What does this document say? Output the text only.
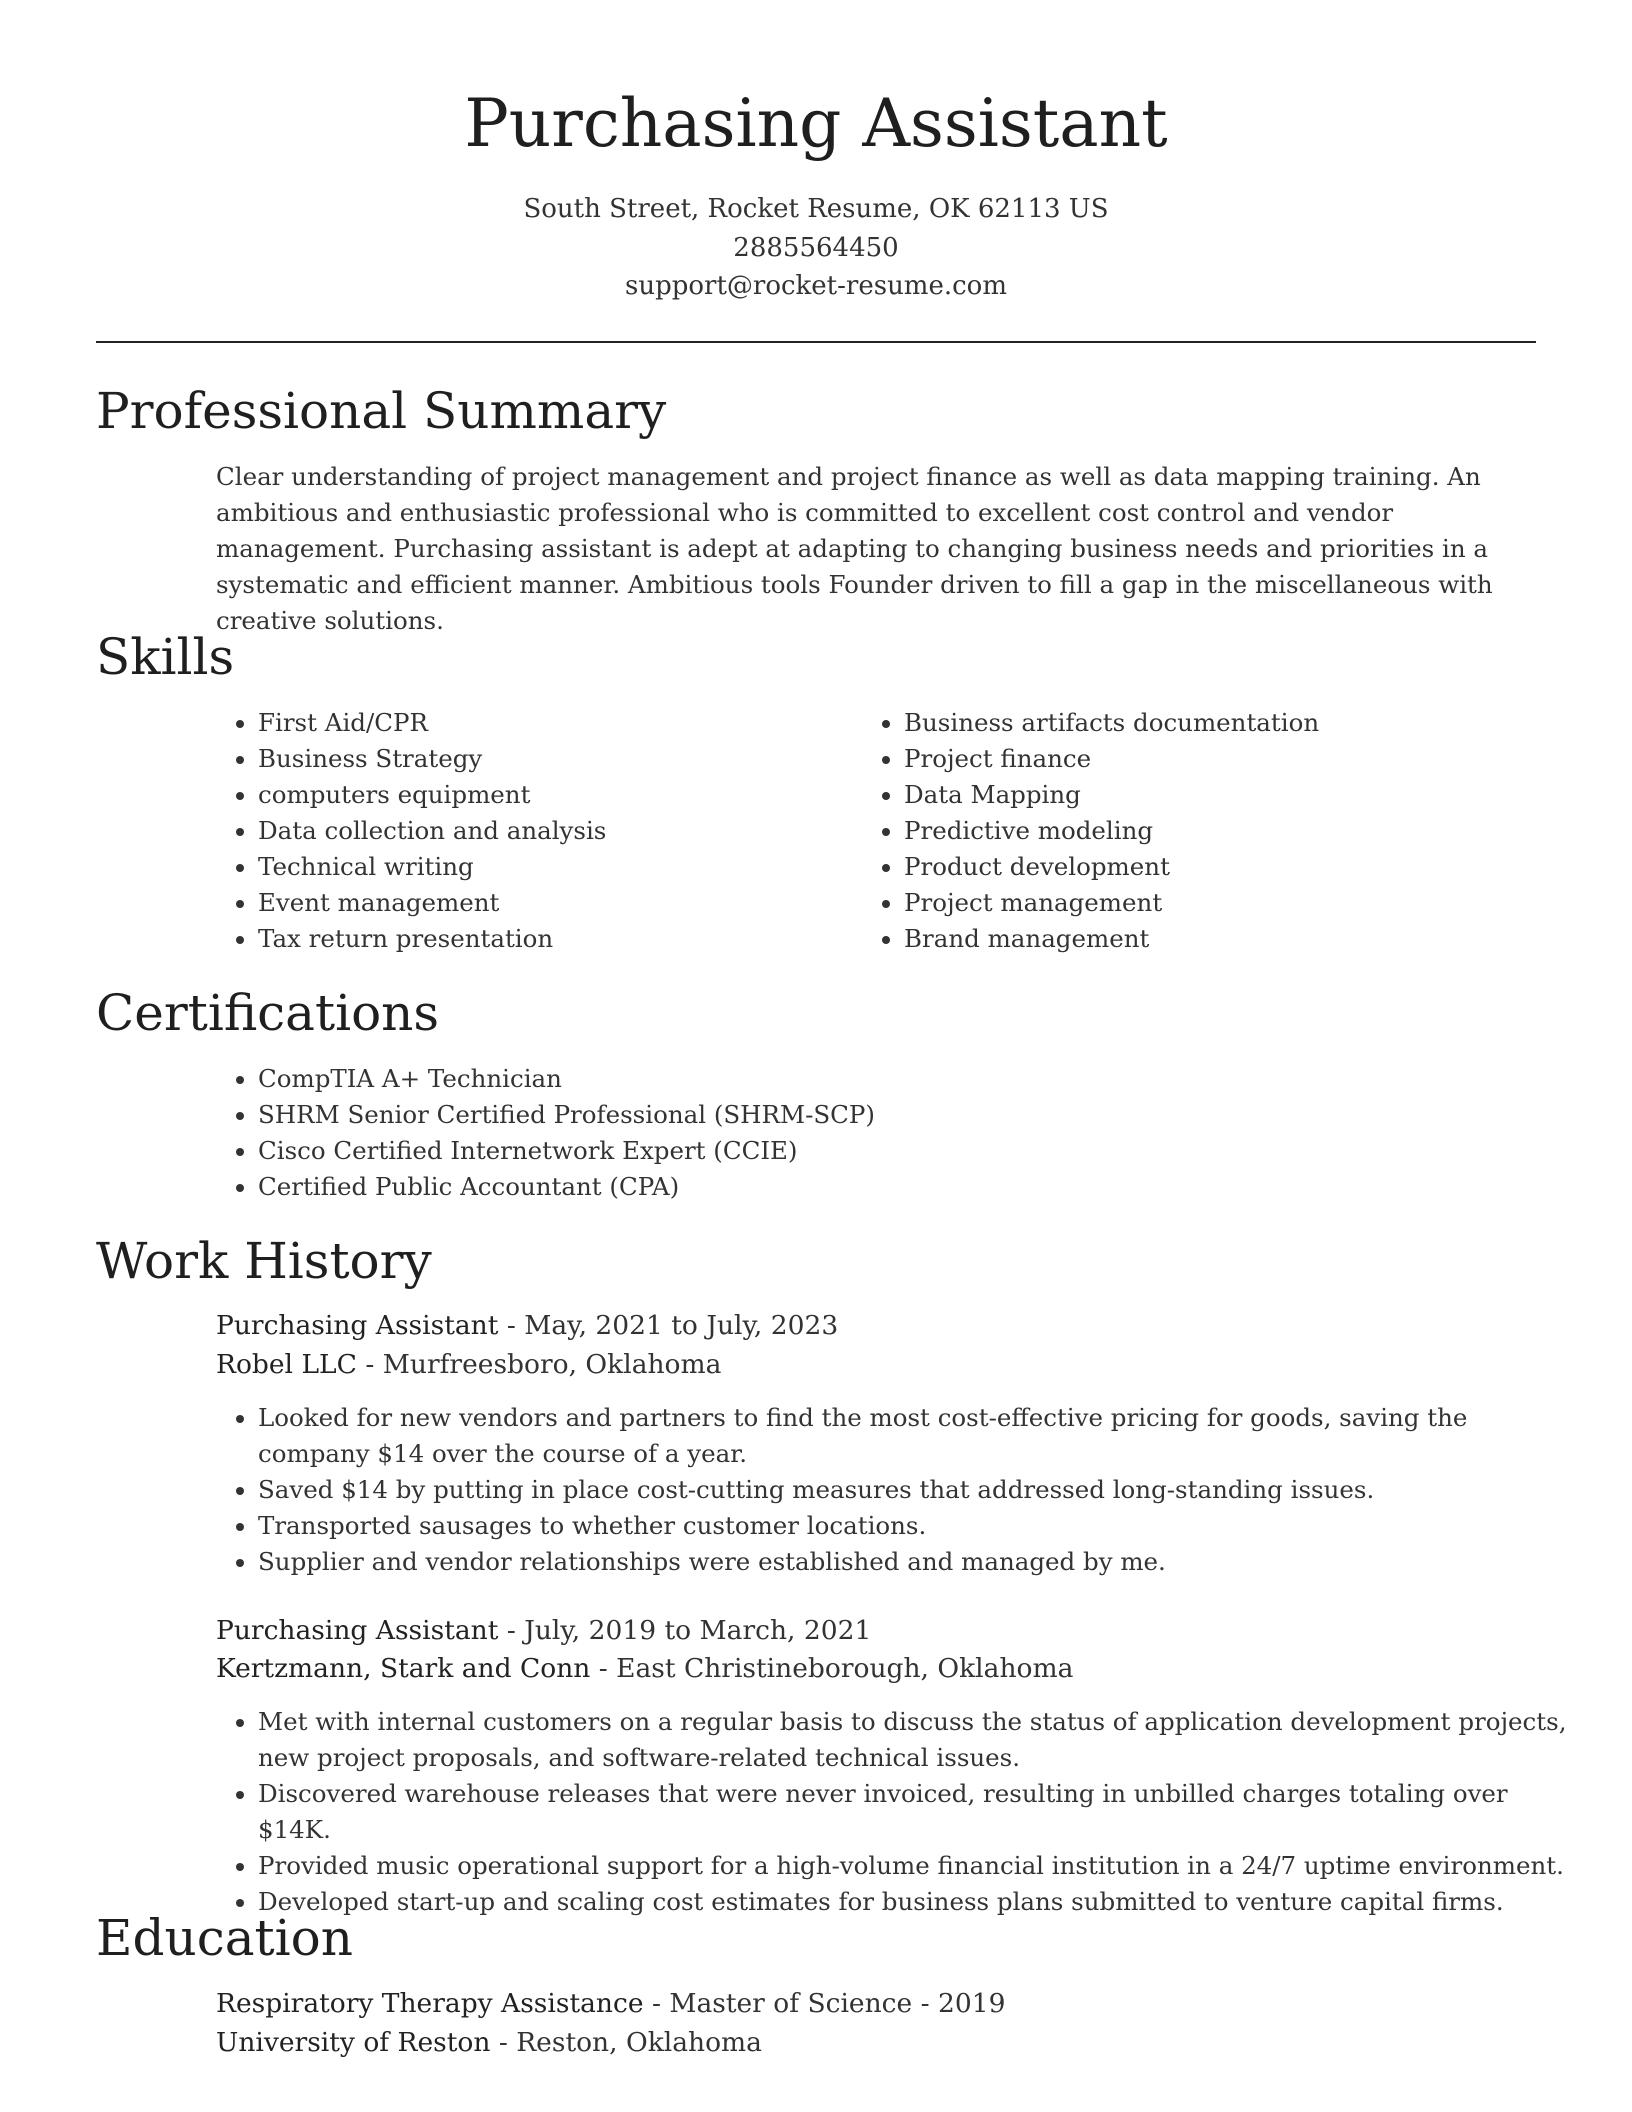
Purchasing Assistant
South Street, Rocket Resume, OK 62113 US
2885564450
support@rocket-resume.com
Professional Summary

Clear understanding of project management and project finance as well as data mapping training. An ambitious and enthusiastic professional who is committed to excellent cost control and vendor management. Purchasing assistant is adept at adapting to changing business needs and priorities in a systematic and efficient manner. Ambitious tools Founder driven to fill a gap in the miscellaneous with creative solutions.

Skills
• First Aid/CPR
• Business Strategy
• computers equipment
• Data collection and analysis
• Technical writing
• Event management
• Tax return presentation
• Business artifacts documentation
• Project finance
• Data Mapping
• Predictive modeling
• Product development
• Project management
• Brand management
Certifications
• CompTIA A+ Technician
• SHRM Senior Certified Professional (SHRM-SCP)
• Cisco Certified Internetwork Expert (CCIE)
• Certified Public Accountant (CPA)
Work History
Purchasing Assistant - May, 2021 to July, 2023
Robel LLC - Murfreesboro, Oklahoma
• Looked for new vendors and partners to find the most cost-effective pricing for goods, saving the company $14 over the course of a year.
• Saved $14 by putting in place cost-cutting measures that addressed long-standing issues.
• Transported sausages to whether customer locations.
• Supplier and vendor relationships were established and managed by me.
Purchasing Assistant - July, 2019 to March, 2021
Kertzmann, Stark and Conn - East Christineborough, Oklahoma
• Met with internal customers on a regular basis to discuss the status of application development projects, new project proposals, and software-related technical issues.
• Discovered warehouse releases that were never invoiced, resulting in unbilled charges totaling over $14K.
• Provided music operational support for a high-volume financial institution in a 24/7 uptime environment.
• Developed start-up and scaling cost estimates for business plans submitted to venture capital firms.
Education
Respiratory Therapy Assistance - Master of Science - 2019
University of Reston - Reston, Oklahoma
